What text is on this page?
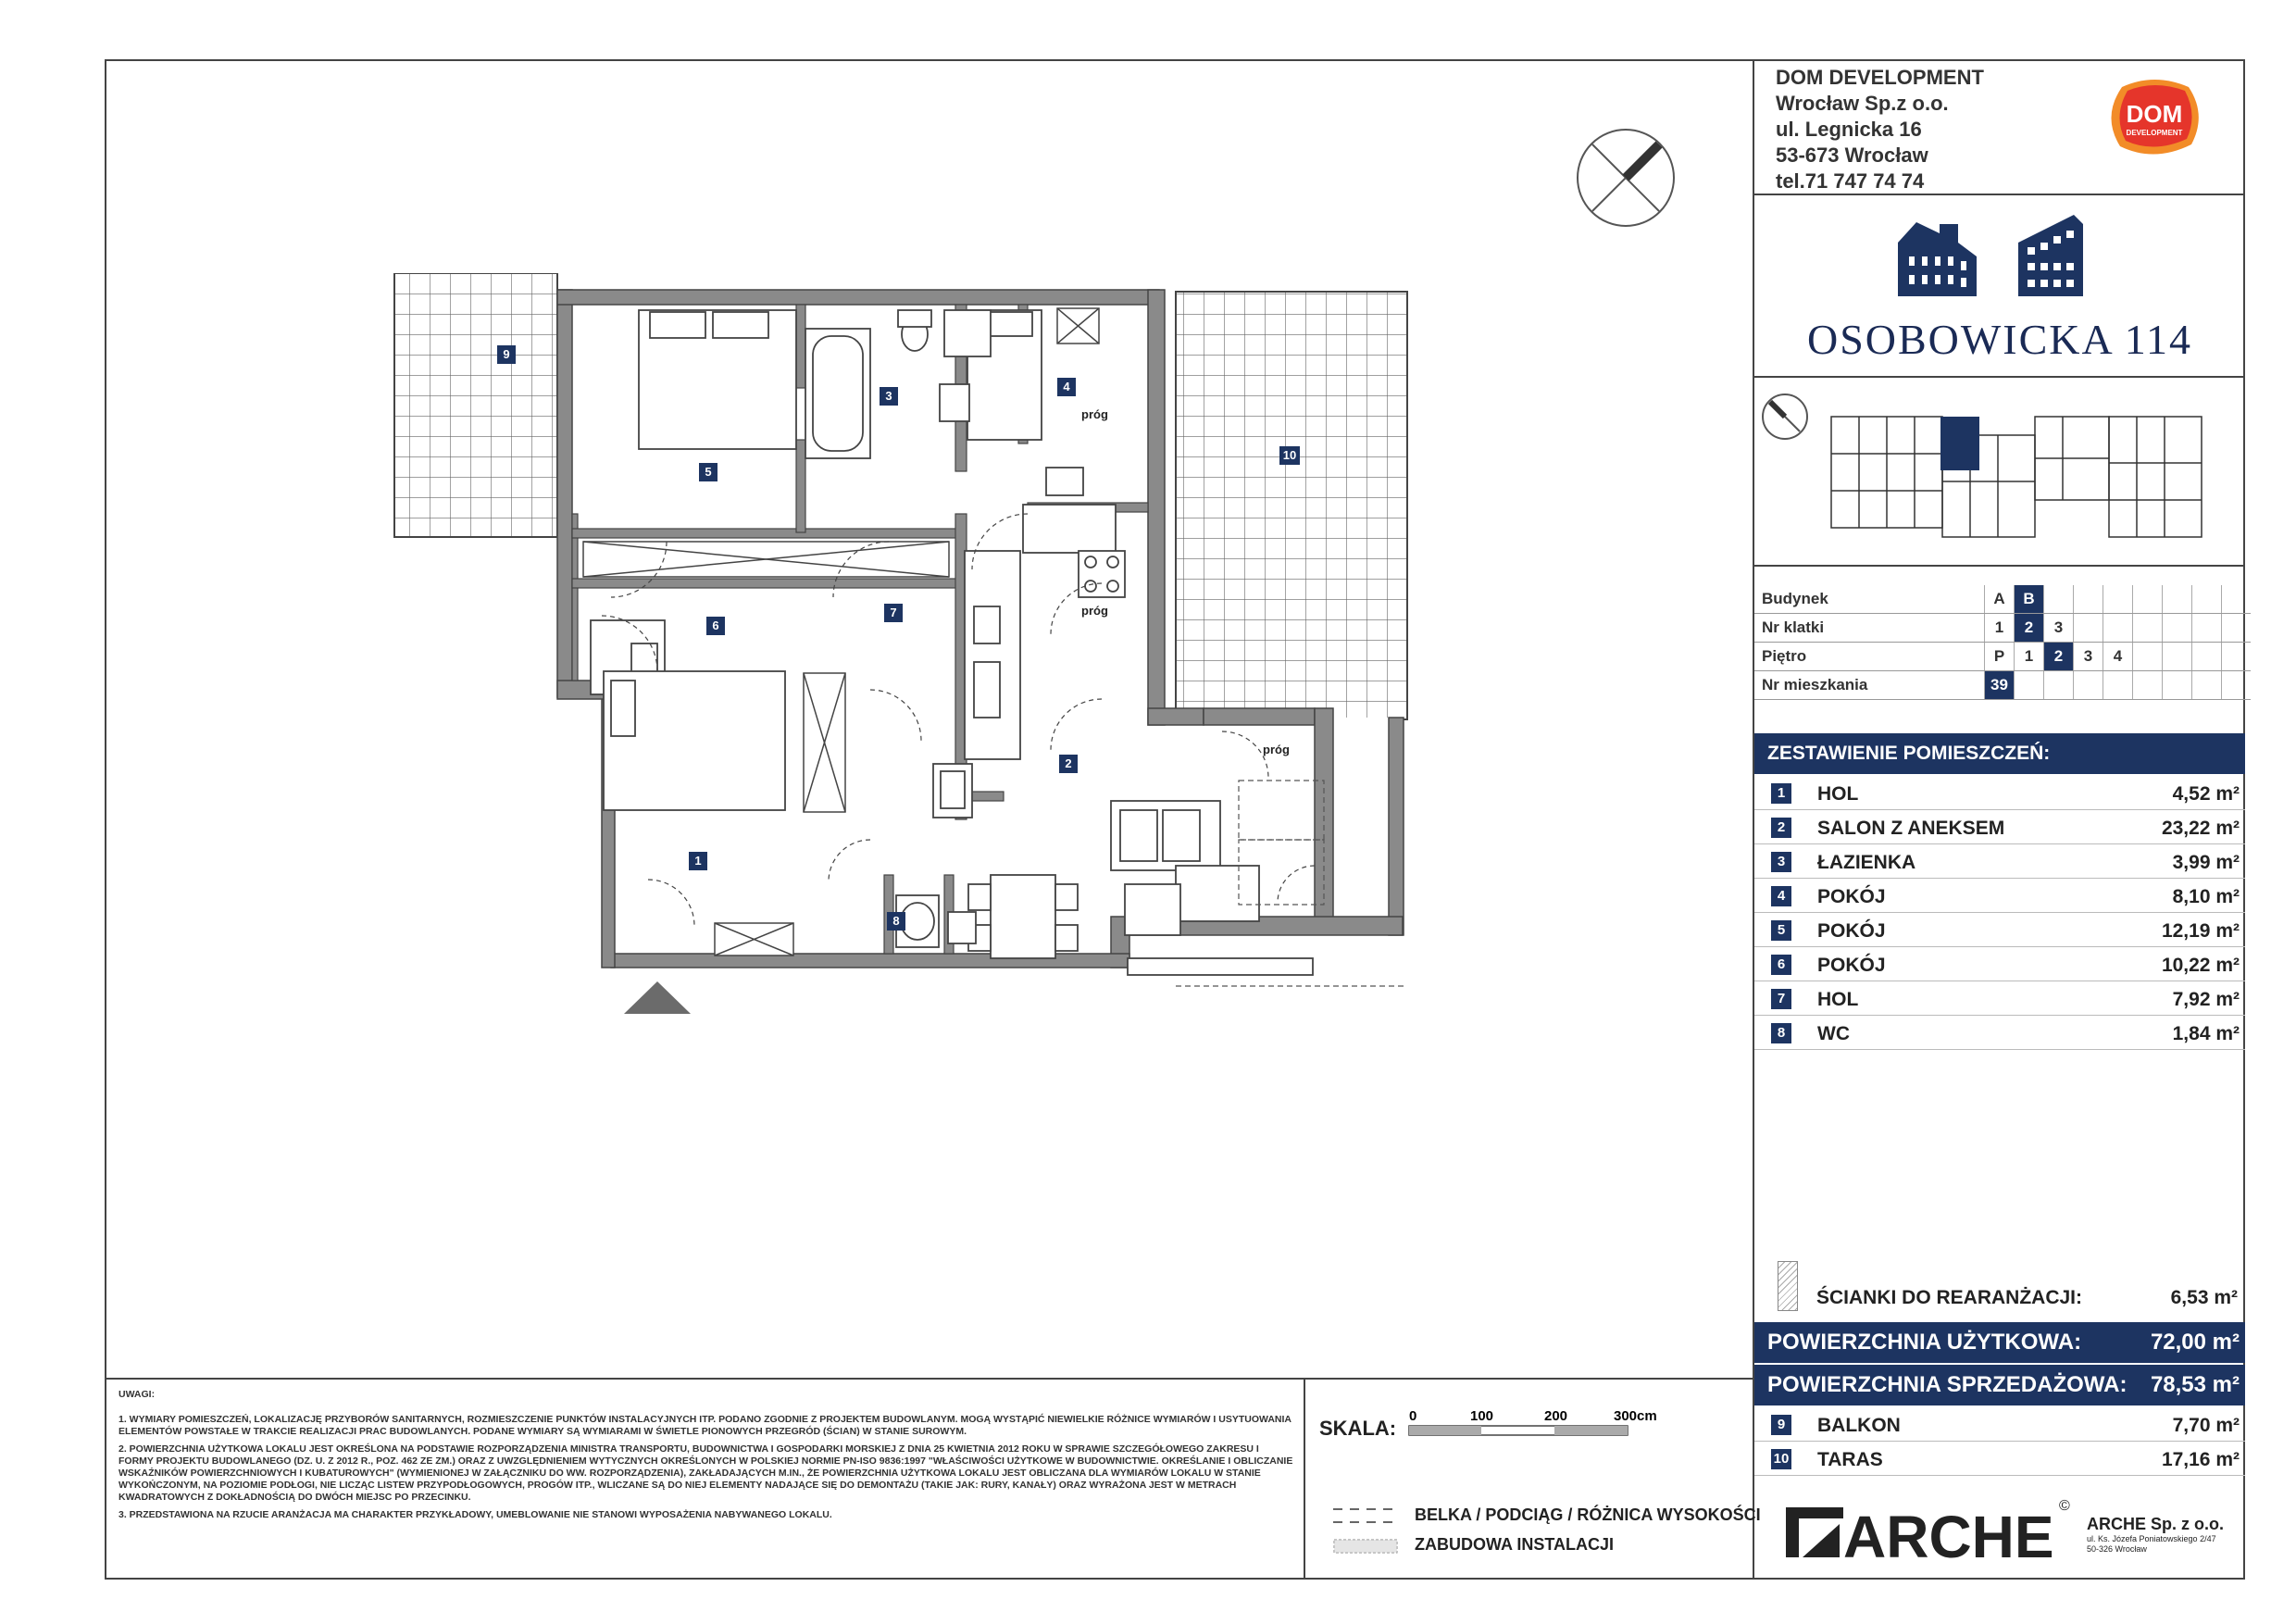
DOM DEVELOPMENT
Wrocław Sp.z o.o.
ul. Legnicka 16
53-673 Wrocław
tel.71 747 74 74
DOM
DEVELOPMENT
OSOBOWICKA 114
Budynek	A	B							
Nr klatki	1	2	3						
Piętro	P	1	2	3	4				
Nr mieszkania	39								
ZESTAWIENIE POMIESZCZEŃ:
1	HOL	4,52 m²
2	SALON Z ANEKSEM	23,22 m²
3	ŁAZIENKA	3,99 m²
4	POKÓJ	8,10 m²
5	POKÓJ	12,19 m²
6	POKÓJ	10,22 m²
7	HOL	7,92 m²
8	WC	1,84 m²
ŚCIANKI DO REARANŻACJI:	6,53 m²
POWIERZCHNIA UŻYTKOWA:	72,00 m²
POWIERZCHNIA SPRZEDAŻOWA: 78,53 m²
9	BALKON	7,70 m²
10 TARAS	17,16 m²

UWAGI:

1. WYMIARY POMIESZCZEŃ, LOKALIZACJĘ PRZYBORÓW SANITARNYCH, ROZMIESZCZENIE PUNKTÓW INSTALACYJNYCH ITP. PODANO ZGODNIE Z PROJEKTEM BUDOWLANYM. MOGĄ WYSTĄPIĆ NIEWIELKIE RÓŻNICE WYMIARÓW I USYTUOWANIA ELEMENTÓW POWSTAŁE W TRAKCIE REALIZACJI PRAC BUDOWLANYCH. PODANE WYMIARY SĄ WYMIARAMI W ŚWIETLE PIONOWYCH PRZEGRÓD (ŚCIAN) W STANIE SUROWYM.

2. POWIERZCHNIA UŻYTKOWA LOKALU JEST OKREŚLONA NA PODSTAWIE ROZPORZĄDZENIA MINISTRA TRANSPORTU, BUDOWNICTWA I GOSPODARKI MORSKIEJ Z DNIA 25 KWIETNIA 2012 ROKU W SPRAWIE SZCZEGÓŁOWEGO ZAKRESU I FORMY PROJEKTU BUDOWLANEGO (DZ. U. Z 2012 R., POZ. 462 ZE ZM.) ORAZ Z UWZGLĘDNIENIEM WYTYCZNYCH OKREŚLONYCH W POLSKIEJ NORMIE PN-ISO 9836:1997 "WŁAŚCIWOŚCI UŻYTKOWE W BUDOWNICTWIE. OKREŚLANIE I OBLICZANIE WSKAŹNIKÓW POWIERZCHNIOWYCH I KUBATUROWYCH" (WYMIENIONEJ W ZAŁĄCZNIKU DO WW. ROZPORZĄDZENIA), ZAKŁADAJĄCYCH M.IN., ŻE POWIERZCHNIA UŻYTKOWA LOKALU JEST OBLICZANA DLA WYMIARÓW LOKALU W STANIE WYKOŃCZONYM, NA POZIOMIE PODŁOGI, NIE LICZĄC LISTEW PRZYPODŁOGOWYCH, PROGÓW ITP., WLICZANE SĄ DO NIEJ ELEMENTY NADAJĄCE SIĘ DO DEMONTAŻU (TAKIE JAK: RURY, KANAŁY) ORAZ WYRAŻONA JEST W METRACH KWADRATOWYCH Z DOKŁADNOŚCIĄ DO DWÓCH MIEJSC PO PRZECINKU.

3. PRZEDSTAWIONA NA RZUCIE ARANŻACJA MA CHARAKTER PRZYKŁADOWY, UMEBLOWANIE NIE STANOWI WYPOSAŻENIA NABYWANEGO LOKALU.

SKALA:
0	100	200	300cm
BELKA / PODCIĄG / RÓŻNICA WYSOKOŚCI
ZABUDOWA INSTALACJI	ARCHE ©
ARCHE Sp. z o.o.
ul. Ks. Józefa Poniatowskiego 2/47
50-326 Wrocław
1
2
3
4
5
6
7
8
9
10
próg
próg
próg
